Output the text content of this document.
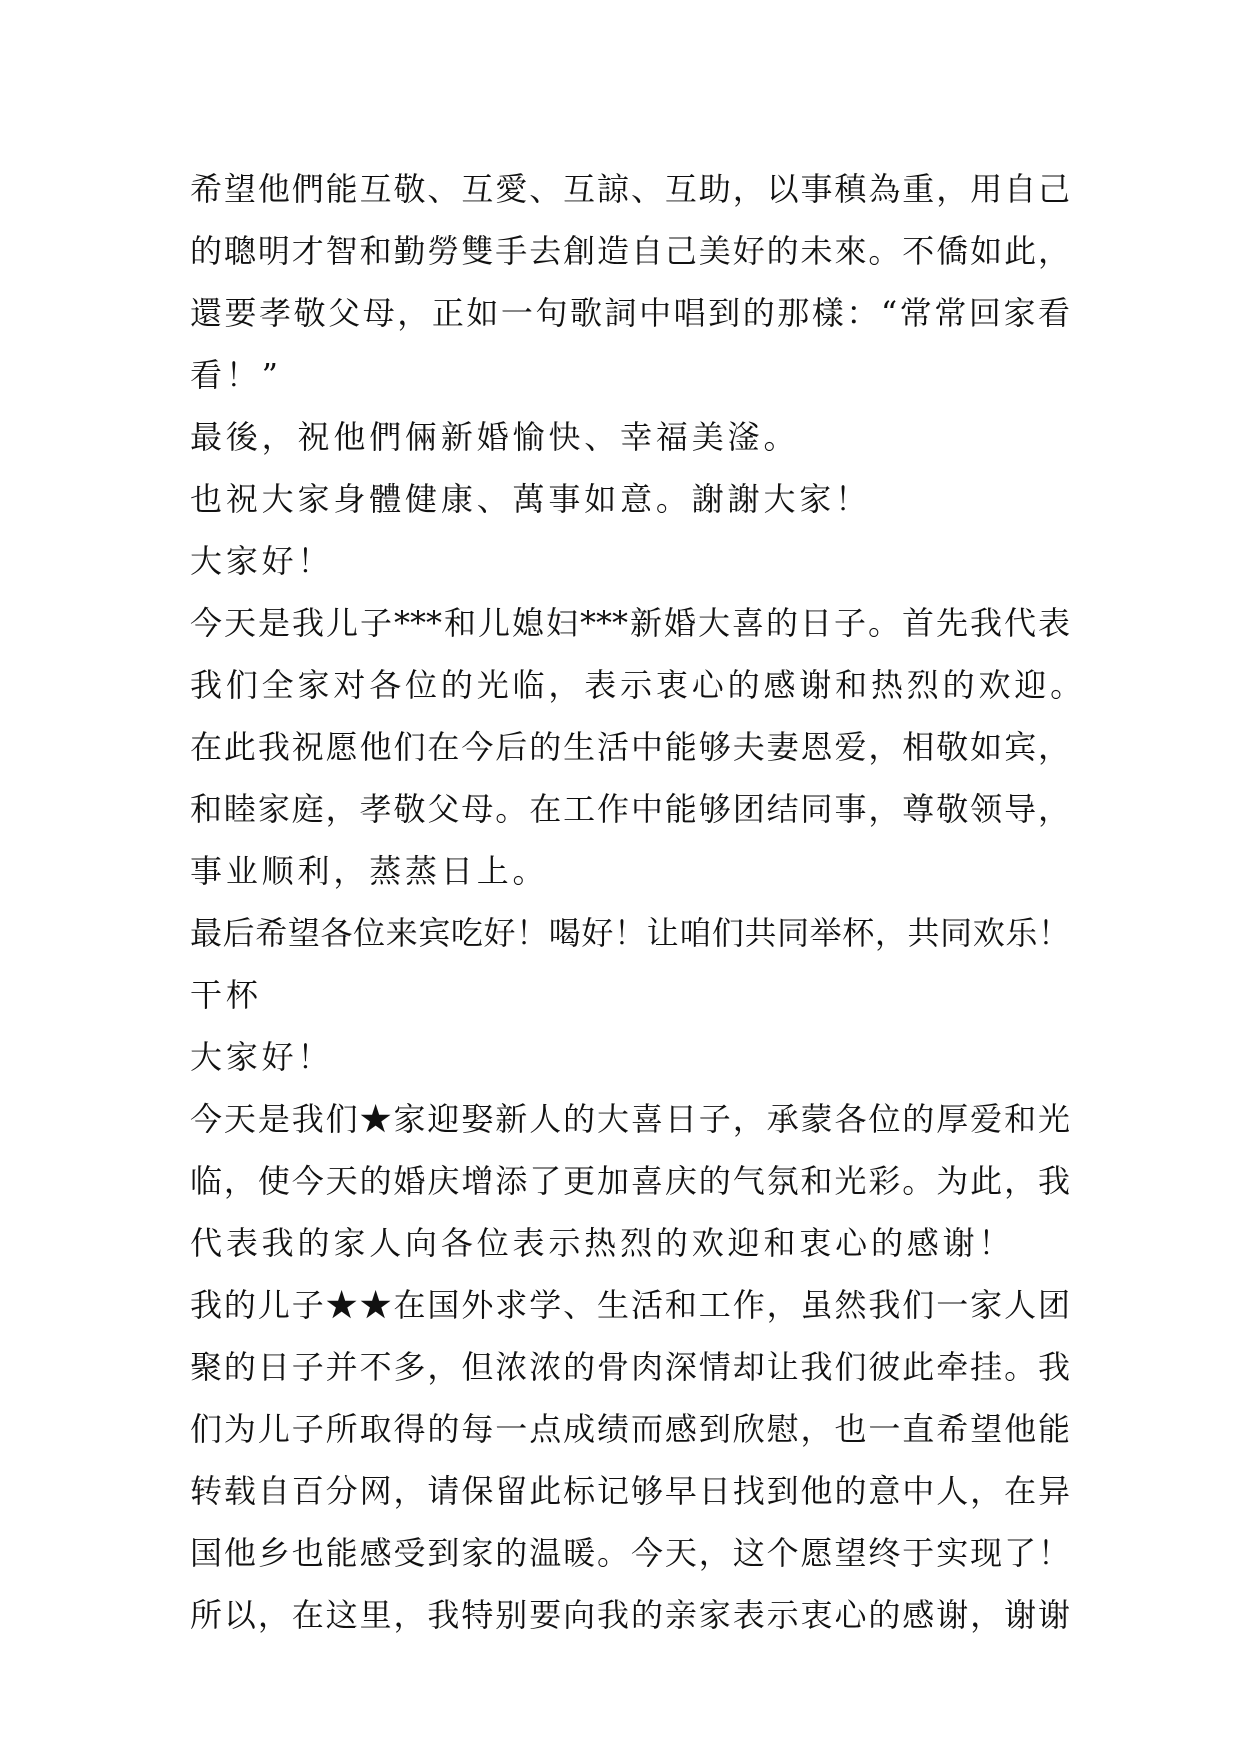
希望他們能互敬、互愛、互諒、互助，以事稹為重，用自己
的聰明才智和勤勞雙手去創造自己美好的未來。不僑如此，
還要孝敬父母，正如一句歌詞中唱到的那樣：“常常回家看
看！”
最後，祝他們倆新婚愉快、幸福美滏。
也祝大家身體健康、萬事如意。謝謝大家！
大家好！
今天是我儿子***和儿媳妇***新婚大喜的日子。首先我代表
我们全家对各位的光临，表示衷心的感谢和热烈的欢迎。
在此我祝愿他们在今后的生活中能够夫妻恩爱，相敬如宾，
和睦家庭，孝敬父母。在工作中能够团结同事，尊敬领导，
事业顺利，蒸蒸日上。
最后希望各位来宾吃好！喝好！让咱们共同举杯，共同欢乐！
干杯
大家好！
今天是我们★家迎娶新人的大喜日子，承蒙各位的厚爱和光
临，使今天的婚庆增添了更加喜庆的气氛和光彩。为此，我
代表我的家人向各位表示热烈的欢迎和衷心的感谢！
我的儿子★★在国外求学、生活和工作，虽然我们一家人团
聚的日子并不多，但浓浓的骨肉深情却让我们彼此牵挂。我
们为儿子所取得的每一点成绩而感到欣慰，也一直希望他能
转载自百分网，请保留此标记够早日找到他的意中人，在异
国他乡也能感受到家的温暖。今天，这个愿望终于实现了！
所以，在这里，我特别要向我的亲家表示衷心的感谢，谢谢
